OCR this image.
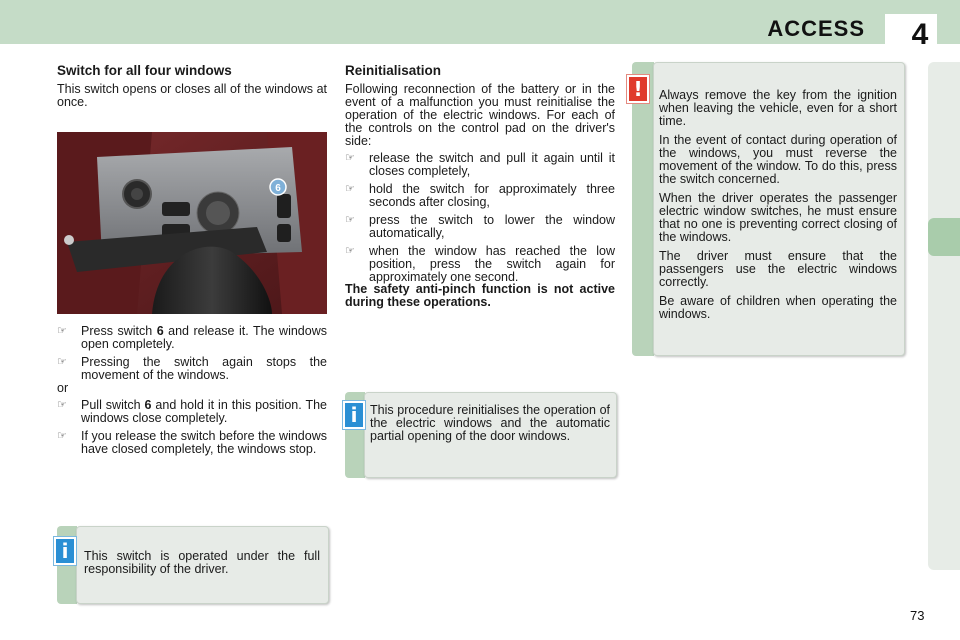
ACCESS 4
Switch for all four windows

This switch opens or closes all of the windows at once.

6
☞	Press switch 6 and release it. The windows open completely.
☞	Pressing the switch again stops the movement of the windows.

or

☞	Pull switch 6 and hold it in this position. The windows close completely.
☞	If you release the switch before the windows have closed completely, the windows stop.
i	This switch is operated under the full responsibility of the driver.

Reinitialisation

Following reconnection of the battery or in the event of a malfunction you must reinitialise the operation of the electric windows. For each of the controls on the control pad on the driver's side:

☞	release the switch and pull it again until it closes completely,
☞	hold the switch for approximately three seconds after closing,
☞	press the switch to lower the window automatically,
☞	when the window has reached the low position, press the switch again for approximately one second.

The safety anti-pinch function is not active during these operations.

i	This procedure reinitialises the operation of the electric windows and the automatic partial opening of the door windows.

!	Always remove the key from the ignition when leaving the vehicle, even for a short time.

In the event of contact during operation of the windows, you must reverse the movement of the window. To do this, press the switch concerned.

When the driver operates the passenger electric window switches, he must ensure that no one is preventing correct closing of the windows.

The driver must ensure that the passengers use the electric windows correctly.

Be aware of children when operating the windows.

73
